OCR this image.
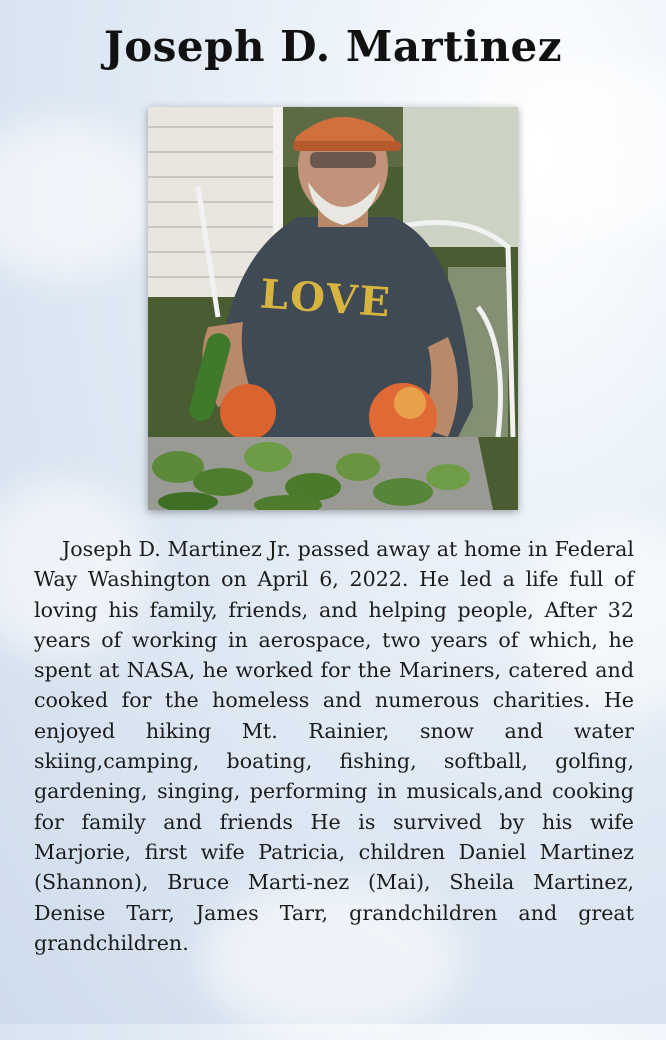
Joseph D. Martinez
LOVE

Joseph D. Martinez Jr. passed away at home in Federal Way Washington on April 6, 2022. He led a life full of loving his family, friends, and helping people, After 32 years of working in aerospace, two years of which, he spent at NASA, he worked for the Mariners, catered and cooked for the homeless and numerous charities. He enjoyed hiking Mt. Rainier, snow and water skiing,camping, boating, fishing, softball, golfing, gardening, singing, performing in musicals,and cooking for family and friends He is survived by his wife Marjorie, first wife Patricia, children Daniel Martinez (Shannon), Bruce Marti-nez (Mai), Sheila Martinez, Denise Tarr, James Tarr, grandchildren and great grandchildren.
